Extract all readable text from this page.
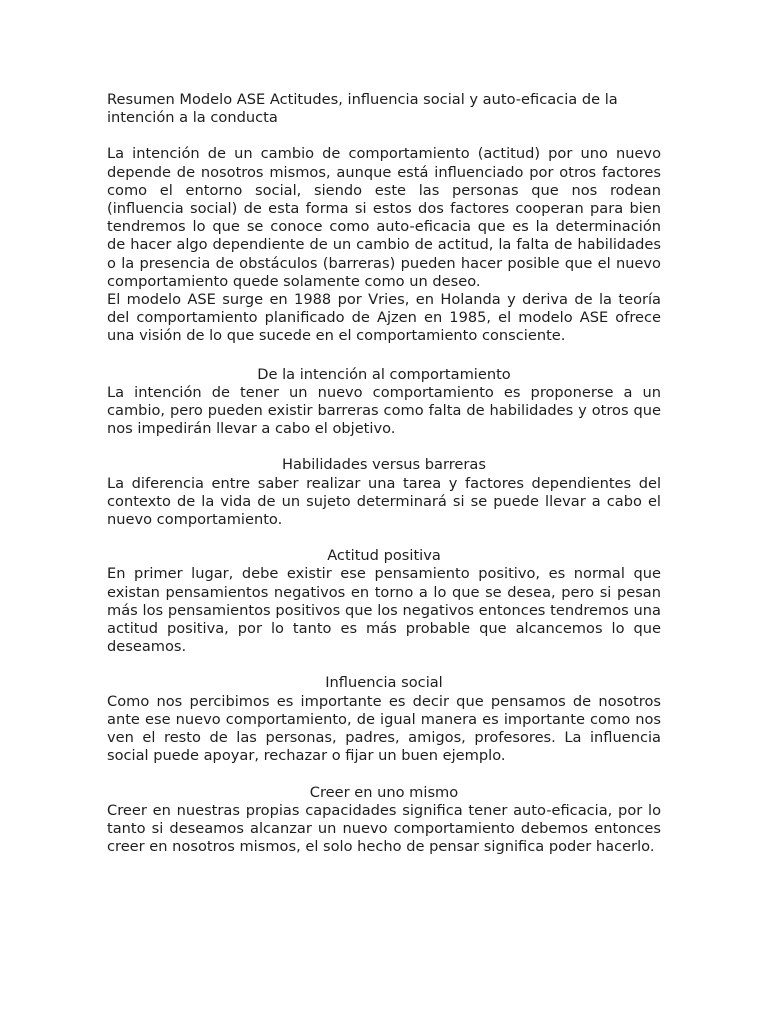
Resumen Modelo ASE Actitudes, influencia social y auto-eficacia de la intención a la conducta

La intención de un cambio de comportamiento (actitud) por uno nuevo depende de nosotros mismos, aunque está influenciado por otros factores como el entorno social, siendo este las personas que nos rodean (influencia social) de esta forma si estos dos factores cooperan para bien tendremos lo que se conoce como auto-eficacia que es la determinación de hacer algo dependiente de un cambio de actitud, la falta de habilidades o la presencia de obstáculos (barreras) pueden hacer posible que el nuevo comportamiento quede solamente como un deseo.

El modelo ASE surge en 1988 por Vries, en Holanda y deriva de la teoría del comportamiento planificado de Ajzen en 1985, el modelo ASE ofrece una visión de lo que sucede en el comportamiento consciente.

De la intención al comportamiento

La intención de tener un nuevo comportamiento es proponerse a un cambio, pero pueden existir barreras como falta de habilidades y otros que nos impedirán llevar a cabo el objetivo.

Habilidades versus barreras

La diferencia entre saber realizar una tarea y factores dependientes del contexto de la vida de un sujeto determinará si se puede llevar a cabo el nuevo comportamiento.

Actitud positiva

En primer lugar, debe existir ese pensamiento positivo, es normal que existan pensamientos negativos en torno a lo que se desea, pero si pesan más los pensamientos positivos que los negativos entonces tendremos una actitud positiva, por lo tanto es más probable que alcancemos lo que deseamos.

Influencia social

Como nos percibimos es importante es decir que pensamos de nosotros ante ese nuevo comportamiento, de igual manera es importante como nos ven el resto de las personas, padres, amigos, profesores. La influencia social puede apoyar, rechazar o fijar un buen ejemplo.

Creer en uno mismo

Creer en nuestras propias capacidades significa tener auto-eficacia, por lo tanto si deseamos alcanzar un nuevo comportamiento debemos entonces creer en nosotros mismos, el solo hecho de pensar significa poder hacerlo.
